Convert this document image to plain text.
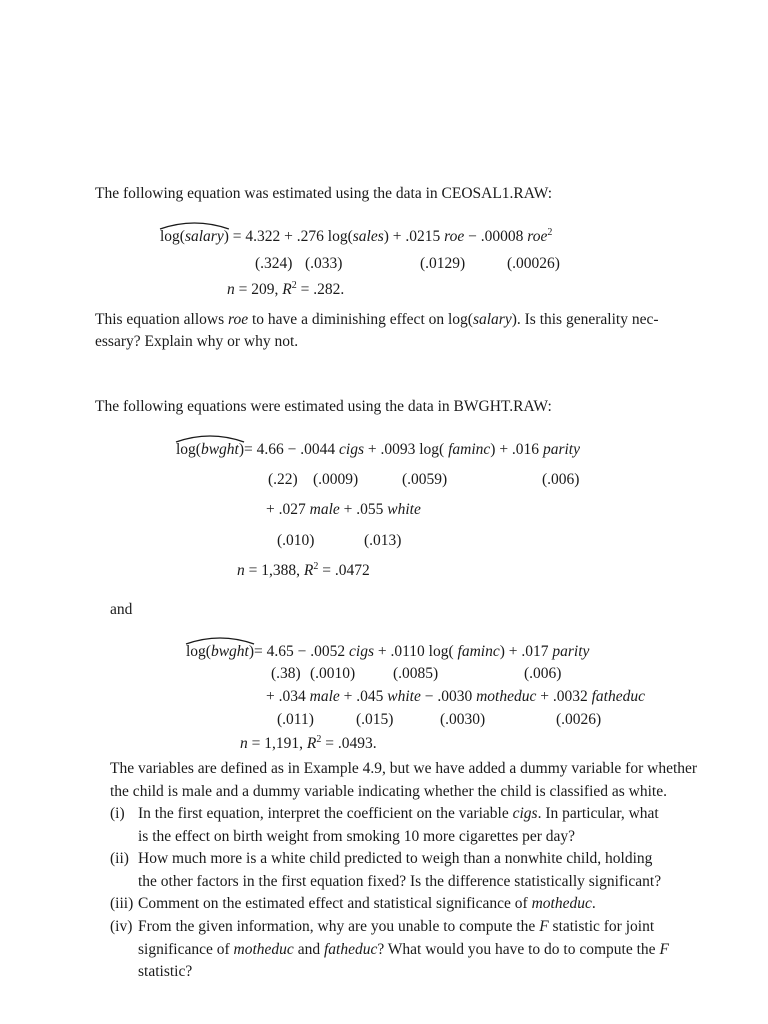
The following equation was estimated using the data in CEOSAL1.RAW:
log(salary) = 4.322 + .276 log(sales) + .0215 roe − .00008 roe$^2$
(.324) (.033)	(.0129)	(.00026)
n = 209, $R^2 = .282$.
This equation allows roe to have a diminishing effect on log(salary). Is this generality nec-
essary? Explain why or why not.
The following equations were estimated using the data in BWGHT.RAW:
log(bwght)= 4.66 − .0044 cigs + .0093 log( faminc) + .016 parity
(.22) (.0009)	(.0059)	(.006)
+ .027 male + .055 white
(.010)	(.013)
n = 1,388, $R^2 = .0472$
and
log(bwght)= 4.65 − .0052 cigs + .0110 log( faminc) + .017 parity
(.38) (.0010) (.0085)	(.006)
+ .034 male + .045 white − .0030 motheduc + .0032 fatheduc
(.011)	(.015)	(.0030)	(.0026)
n = 1,191, $R^2 = .0493$.
The variables are defined as in Example 4.9, but we have added a dummy variable for whether
the child is male and a dummy variable indicating whether the child is classified as white.
(i) In the first equation, interpret the coefficient on the variable cigs. In particular, what is the effect on birth weight from smoking 10 more cigarettes per day?
(ii) How much more is a white child predicted to weigh than a nonwhite child, holding the other factors in the first equation fixed? Is the difference statistically significant?
(iii) Comment on the estimated effect and statistical significance of motheduc.
(iv) From the given information, why are you unable to compute the F statistic for joint significance of motheduc and fatheduc? What would you have to do to compute the F statistic?
